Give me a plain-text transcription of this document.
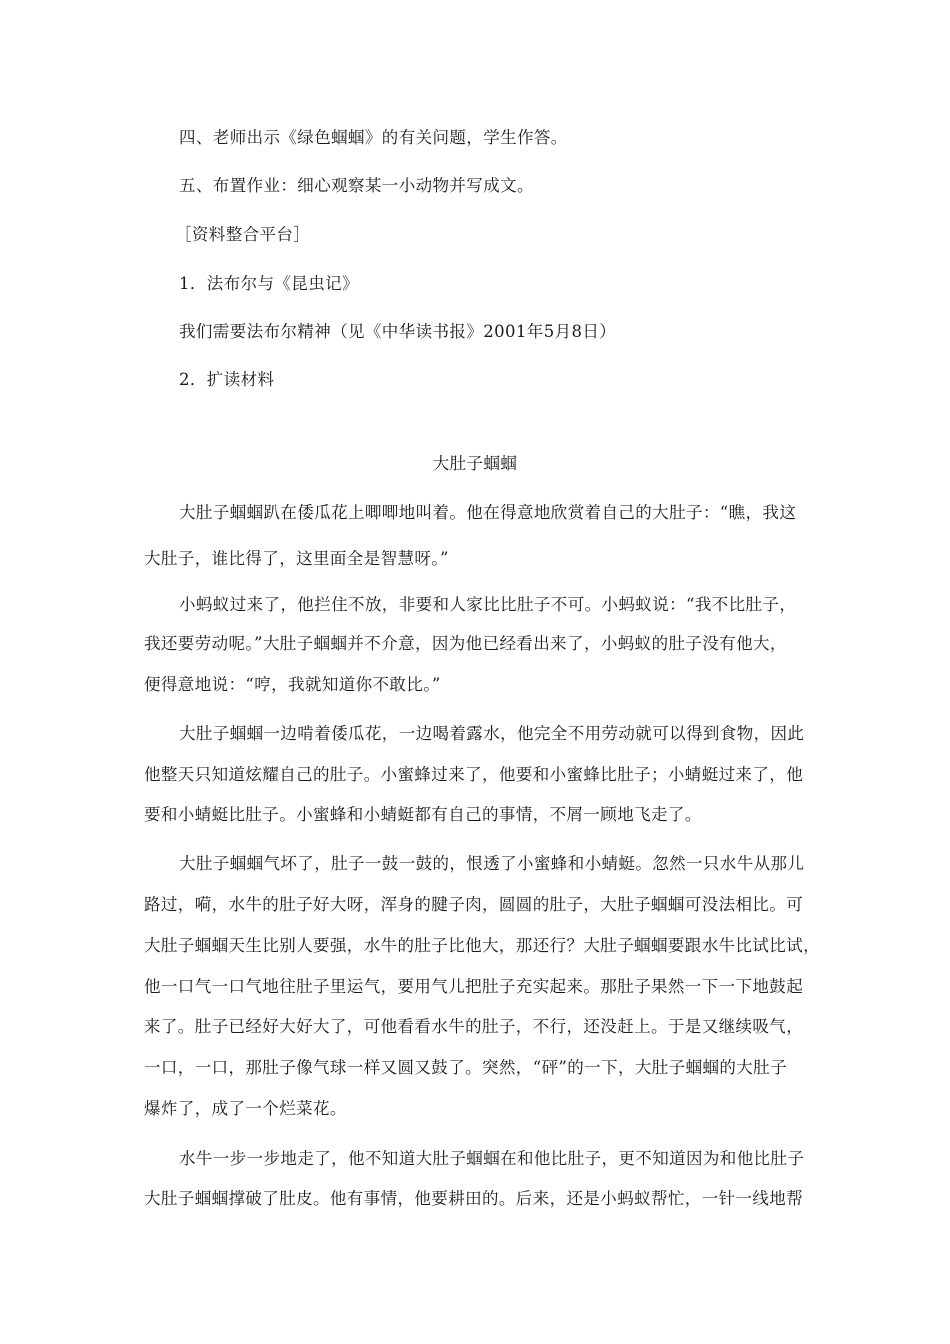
四、老师出示《绿色蝈蝈》的有关问题，学生作答。
五、布置作业：细心观察某一小动物并写成文。
［资料整合平台］
1．法布尔与《昆虫记》
我们需要法布尔精神（见《中华读书报》2001年5月8日）
2．扩读材料
大肚子蝈蝈
大肚子蝈蝈趴在倭瓜花上唧唧地叫着。他在得意地欣赏着自己的大肚子：“瞧，我这
大肚子，谁比得了，这里面全是智慧呀。”
小蚂蚁过来了，他拦住不放，非要和人家比比肚子不可。小蚂蚁说：“我不比肚子，
我还要劳动呢。”大肚子蝈蝈并不介意，因为他已经看出来了，小蚂蚁的肚子没有他大，
便得意地说：“哼，我就知道你不敢比。”
大肚子蝈蝈一边啃着倭瓜花，一边喝着露水，他完全不用劳动就可以得到食物，因此
他整天只知道炫耀自己的肚子。小蜜蜂过来了，他要和小蜜蜂比肚子；小蜻蜓过来了，他
要和小蜻蜓比肚子。小蜜蜂和小蜻蜓都有自己的事情，不屑一顾地飞走了。
大肚子蝈蝈气坏了，肚子一鼓一鼓的，恨透了小蜜蜂和小蜻蜓。忽然一只水牛从那儿
路过，嗬，水牛的肚子好大呀，浑身的腱子肉，圆圆的肚子，大肚子蝈蝈可没法相比。可
大肚子蝈蝈天生比别人要强，水牛的肚子比他大，那还行？大肚子蝈蝈要跟水牛比试比试，
他一口气一口气地往肚子里运气，要用气儿把肚子充实起来。那肚子果然一下一下地鼓起
来了。肚子已经好大好大了，可他看看水牛的肚子，不行，还没赶上。于是又继续吸气，
一口，一口，那肚子像气球一样又圆又鼓了。突然，“砰”的一下，大肚子蝈蝈的大肚子
爆炸了，成了一个烂菜花。
水牛一步一步地走了，他不知道大肚子蝈蝈在和他比肚子，更不知道因为和他比肚子
大肚子蝈蝈撑破了肚皮。他有事情，他要耕田的。后来，还是小蚂蚁帮忙，一针一线地帮
